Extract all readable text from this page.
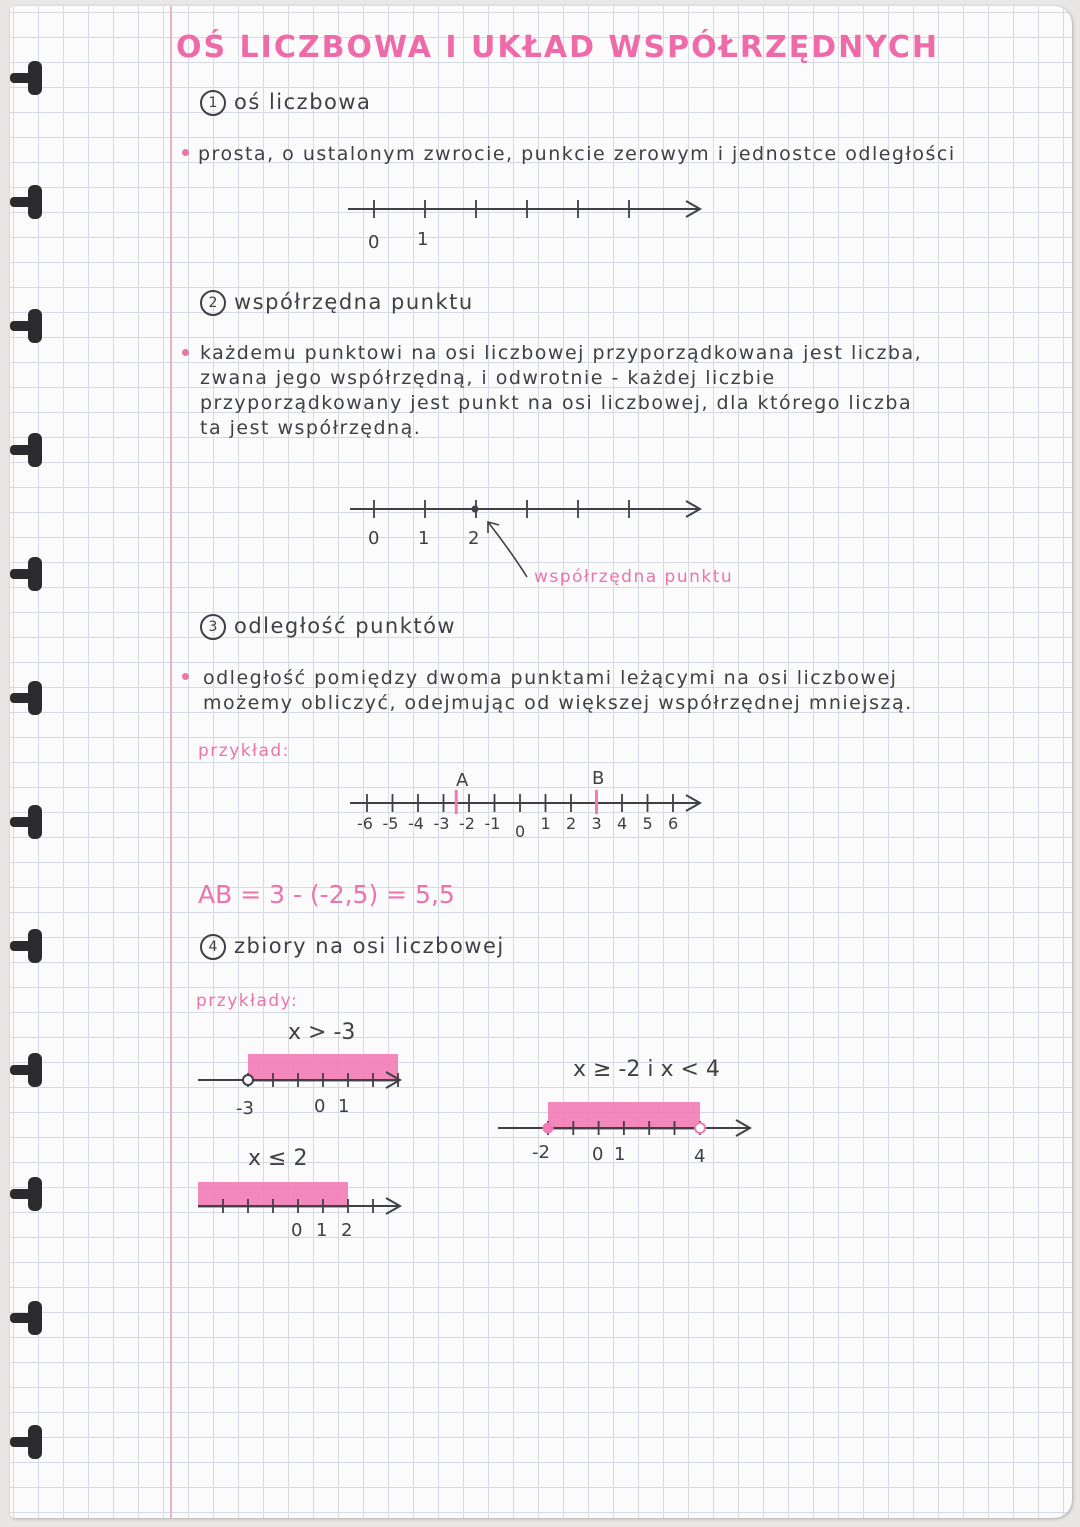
OŚ LICZBOWA I UKŁAD WSPÓŁRZĘDNYCH
1 oś liczbowa
prosta, o ustalonym zwrocie, punkcie zerowym i jednostce odległości
0 1
2 współrzędna punktu
każdemu punktowi na osi liczbowej przyporządkowana jest liczba,
zwana jego współrzędną, i odwrotnie - każdej liczbie
przyporządkowany jest punkt na osi liczbowej, dla którego liczba
ta jest współrzędną.
0 1 2
współrzędna punktu
3 odległość punktów
odległość pomiędzy dwoma punktami leżącymi na osi liczbowej
możemy obliczyć, odejmując od większej współrzędnej mniejszą.
przykład:
A	B
-6 -5 -4 -3 -2 -1 0 1 2 3 4 5 6
AB = 3 - (-2,5) = 5,5
4 zbiory na osi liczbowej
przykłady:
x > -3
-3	0 1
x ≤ 2
0 1 2
x ≥ -2 i x < 4
-2 0 1	4
